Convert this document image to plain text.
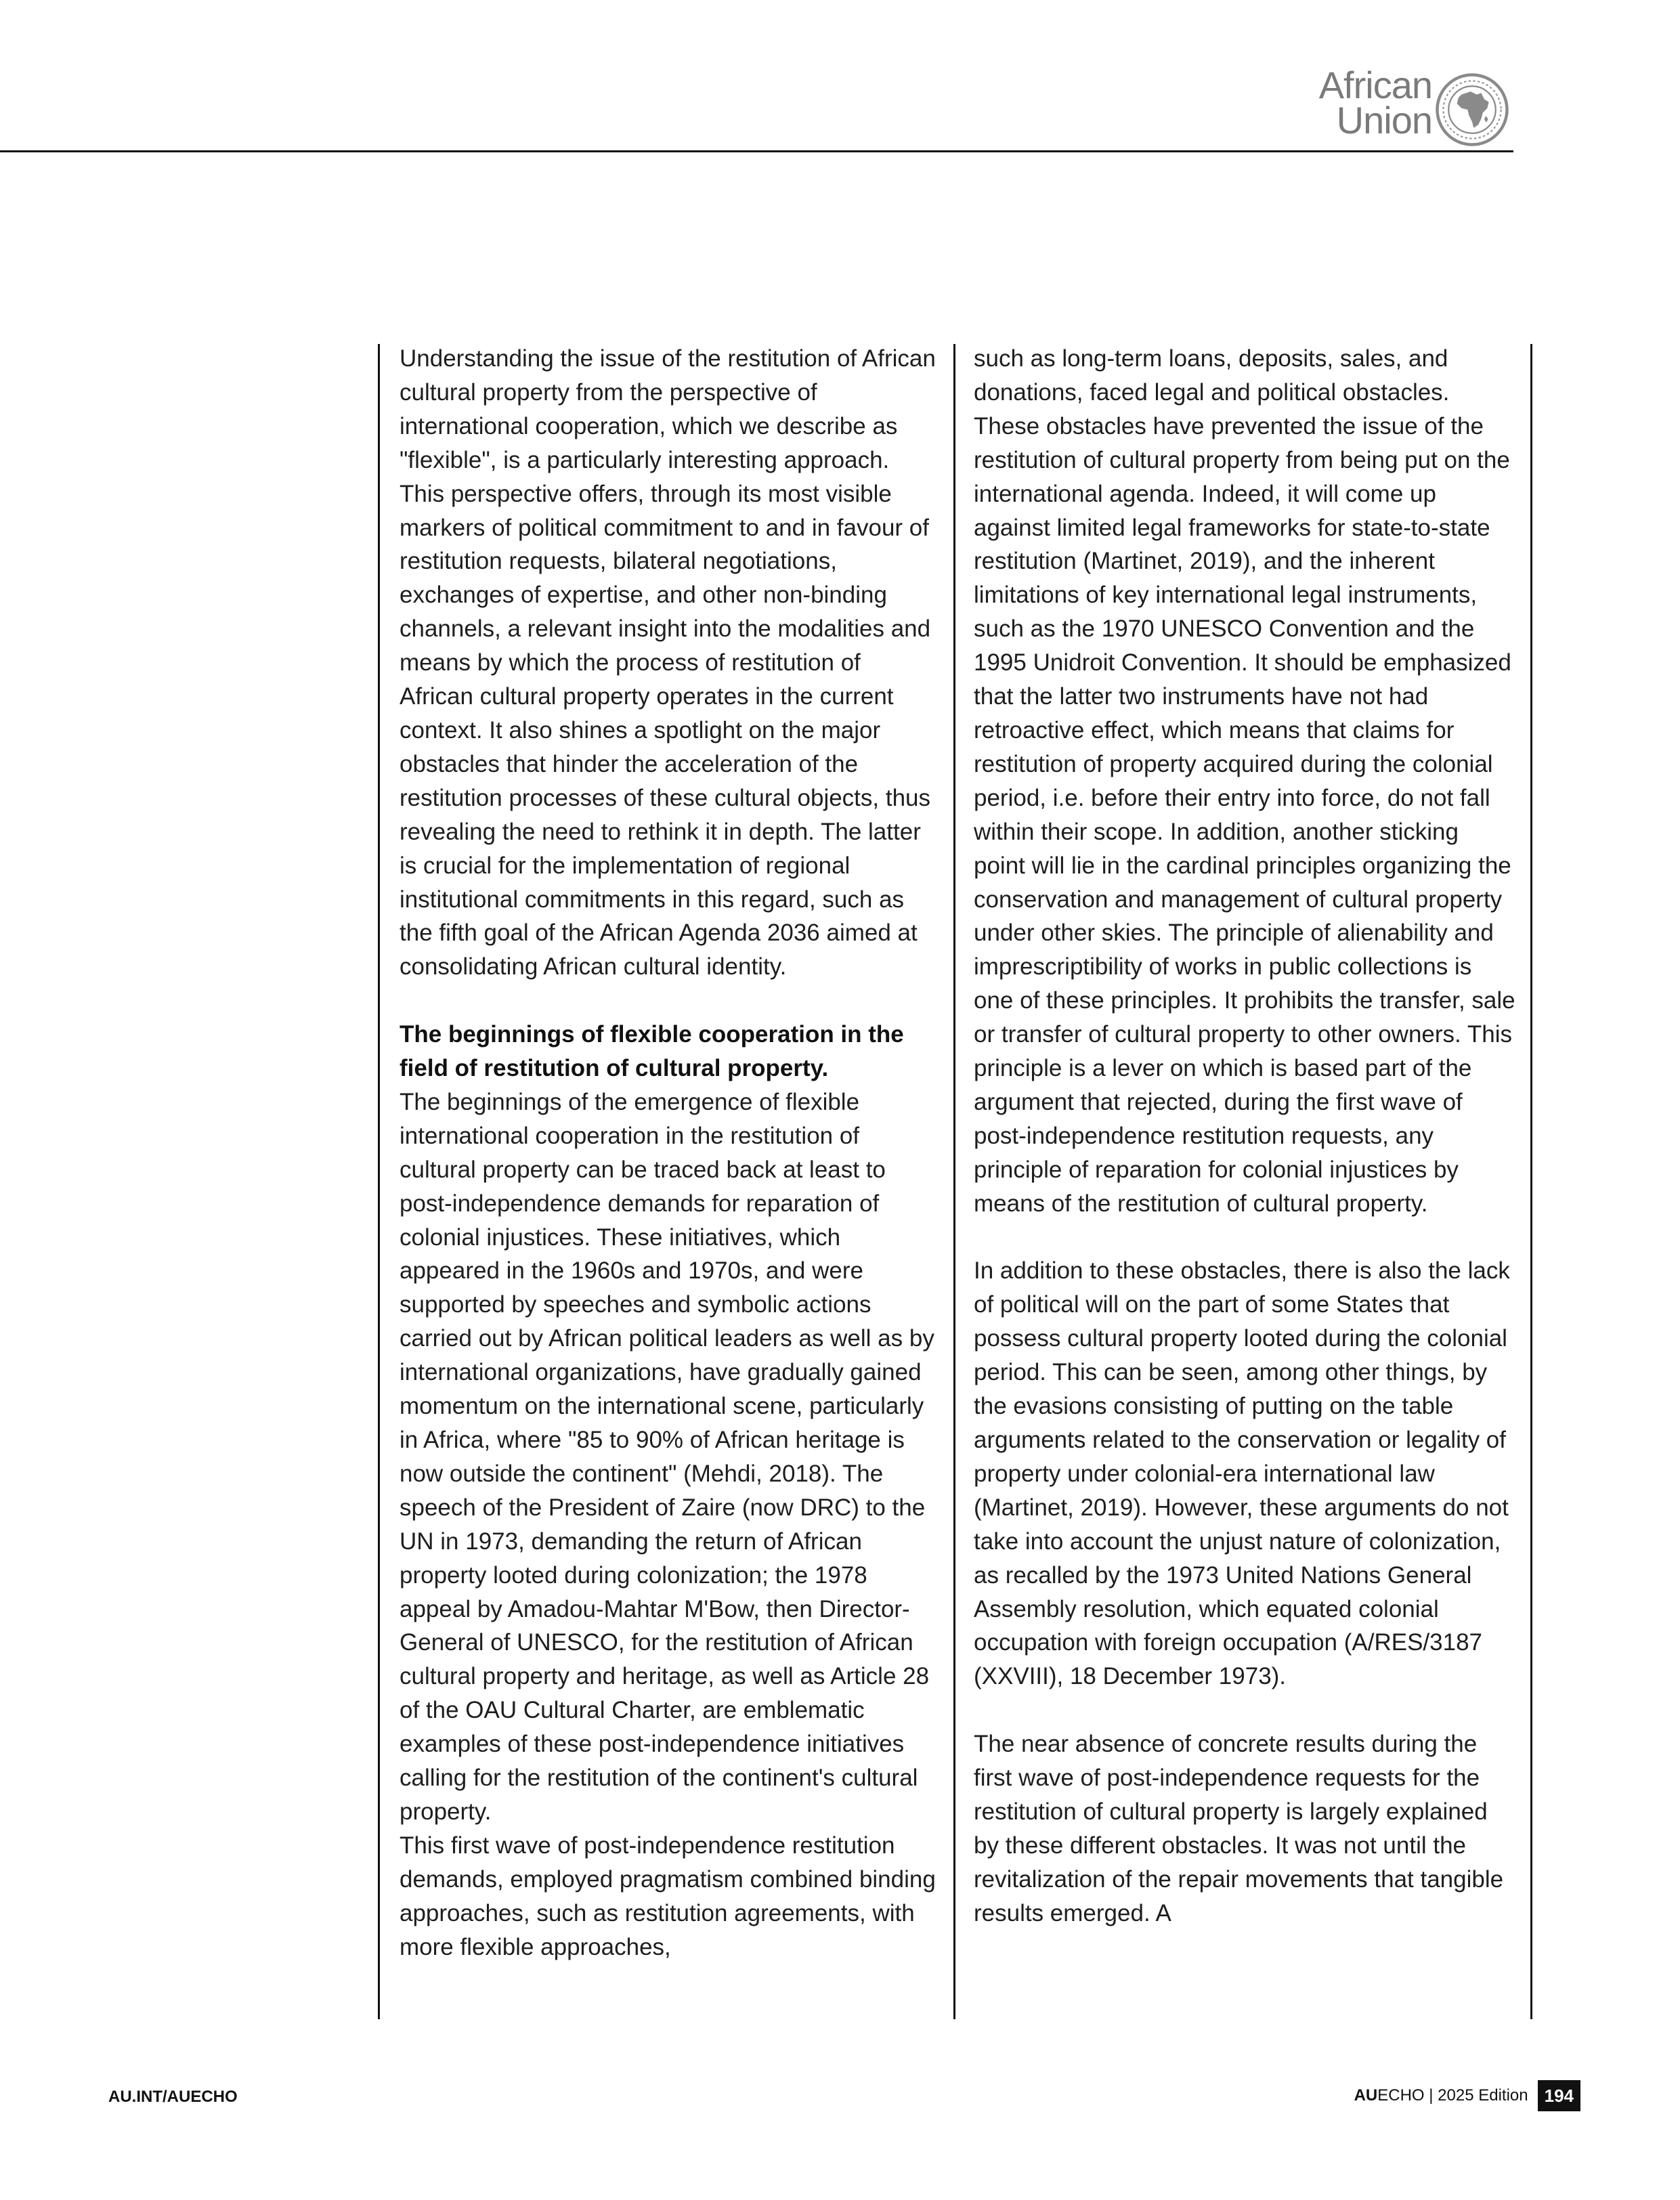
African
Union

Understanding the issue of the restitution of African cultural property from the perspective of international cooperation, which we describe as "flexible", is a particularly interesting approach. This perspective offers, through its most visible markers of political commitment to and in favour of restitution requests, bilateral negotiations, exchanges of expertise, and other non-binding channels, a relevant insight into the modalities and means by which the process of restitution of African cultural property operates in the current context. It also shines a spotlight on the major obstacles that hinder the acceleration of the restitution processes of these cultural objects, thus revealing the need to rethink it in depth. The latter is crucial for the implementation of regional institutional commitments in this regard, such as the fifth goal of the African Agenda 2036 aimed at consolidating African cultural identity.

The beginnings of flexible cooperation in the field of restitution of cultural property.

The beginnings of the emergence of flexible international cooperation in the restitution of cultural property can be traced back at least to post-independence demands for reparation of colonial injustices. These initiatives, which appeared in the 1960s and 1970s, and were supported by speeches and symbolic actions carried out by African political leaders as well as by international organizations, have gradually gained momentum on the international scene, particularly in Africa, where "85 to 90% of African heritage is now outside the continent" (Mehdi, 2018). The speech of the President of Zaire (now DRC) to the UN in 1973, demanding the return of African property looted during colonization; the 1978 appeal by Amadou-Mahtar M'Bow, then Director-General of UNESCO, for the restitution of African cultural property and heritage, as well as Article 28 of the OAU Cultural Charter, are emblematic examples of these post-independence initiatives calling for the restitution of the continent's cultural property.

This first wave of post-independence restitution demands, employed pragmatism combined binding approaches, such as restitution agreements, with more flexible approaches,

such as long-term loans, deposits, sales, and donations, faced legal and political obstacles. These obstacles have prevented the issue of the restitution of cultural property from being put on the international agenda. Indeed, it will come up against limited legal frameworks for state-to-state restitution (Martinet, 2019), and the inherent limitations of key international legal instruments, such as the 1970 UNESCO Convention and the 1995 Unidroit Convention. It should be emphasized that the latter two instruments have not had retroactive effect, which means that claims for restitution of property acquired during the colonial period, i.e. before their entry into force, do not fall within their scope. In addition, another sticking point will lie in the cardinal principles organizing the conservation and management of cultural property under other skies. The principle of alienability and imprescriptibility of works in public collections is one of these principles. It prohibits the transfer, sale or transfer of cultural property to other owners. This principle is a lever on which is based part of the argument that rejected, during the first wave of post-independence restitution requests, any principle of reparation for colonial injustices by means of the restitution of cultural property.

In addition to these obstacles, there is also the lack of political will on the part of some States that possess cultural property looted during the colonial period. This can be seen, among other things, by the evasions consisting of putting on the table arguments related to the conservation or legality of property under colonial-era international law (Martinet, 2019). However, these arguments do not take into account the unjust nature of colonization, as recalled by the 1973 United Nations General Assembly resolution, which equated colonial occupation with foreign occupation (A/RES/3187 (XXVIII), 18 December 1973).

The near absence of concrete results during the first wave of post-independence requests for the restitution of cultural property is largely explained by these different obstacles. It was not until the revitalization of the repair movements that tangible results emerged. A

AU.INT/AUECHO	AUECHO | 2025 Edition 194
